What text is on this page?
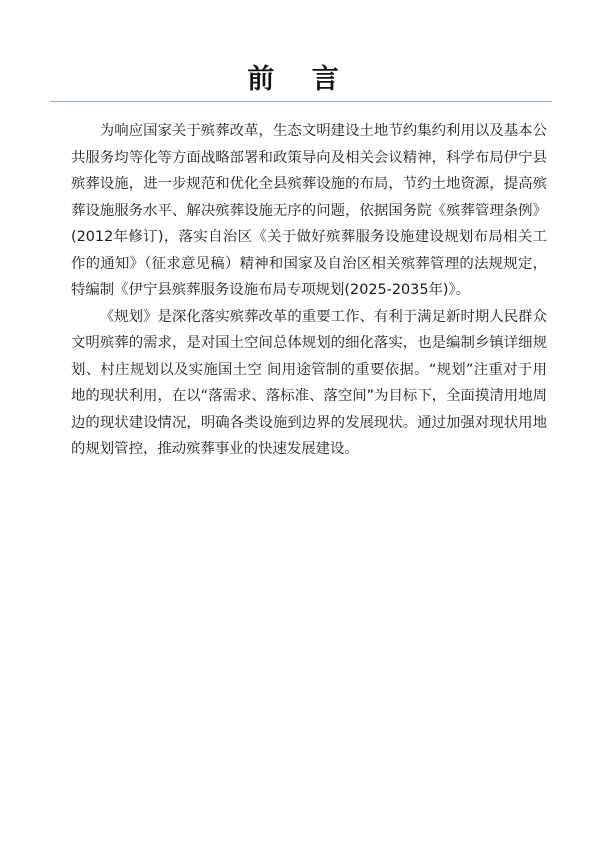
前 言

为响应国家关于殡葬改革，生态文明建设土地节约集约利用以及基本公共服务均等化等方面战略部署和政策导向及相关会议精神，科学布局伊宁县殡葬设施，进一步规范和优化全县殡葬设施的布局，节约土地资源，提高殡葬设施服务水平、解决殡葬设施无序的问题，依据国务院《殡葬管理条例》(2012年修订)，落实自治区《关于做好殡葬服务设施建设规划布局相关工作的通知》（征求意见稿）精神和国家及自治区相关殡葬管理的法规规定，特编制《伊宁县殡葬服务设施布局专项规划(2025-2035年)》。

《规划》是深化落实殡葬改革的重要工作、有利于满足新时期人民群众文明殡葬的需求，是对国土空间总体规划的细化落实，也是编制乡镇详细规划、村庄规划以及实施国土空 间用途管制的重要依据。“规划”注重对于用地的现状利用，在以“落需求、落标准、落空间”为目标下，全面摸清用地周边的现状建设情况，明确各类设施到边界的发展现状。通过加强对现状用地的规划管控，推动殡葬事业的快速发展建设。
